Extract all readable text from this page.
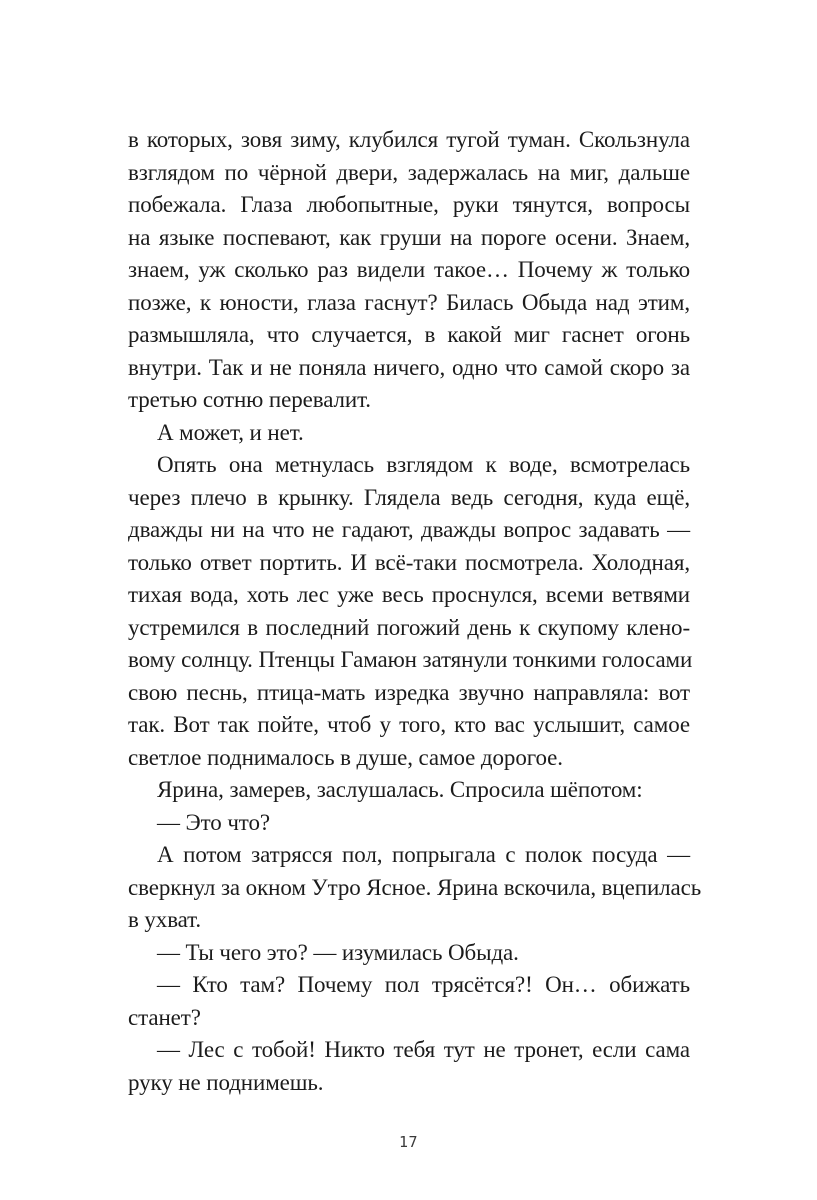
в которых, зовя зиму, клубился тугой туман. Скользнула
взглядом по чёрной двери, задержалась на миг, дальше
побежала. Глаза любопытные, руки тянутся, вопросы
на языке поспевают, как груши на пороге осени. Знаем,
знаем, уж сколько раз видели такое… Почему ж только
позже, к юности, глаза гаснут? Билась Обыда над этим,
размышляла, что случается, в какой миг гаснет огонь
внутри. Так и не поняла ничего, одно что самой скоро за
третью сотню перевалит.
А может, и нет.
Опять она метнулась взглядом к воде, всмотрелась
через плечо в крынку. Глядела ведь сегодня, куда ещё,
дважды ни на что не гадают, дважды вопрос задавать —
только ответ портить. И всё-таки посмотрела. Холодная,
тихая вода, хоть лес уже весь проснулся, всеми ветвями
устремился в последний погожий день к скупому клено-
вому солнцу. Птенцы Гамаюн затянули тонкими голосами
свою песнь, птица-мать изредка звучно направляла: вот
так. Вот так пойте, чтоб у того, кто вас услышит, самое
светлое поднималось в душе, самое дорогое.
Ярина, замерев, заслушалась. Спросила шёпотом:
— Это что?
А потом затрясся пол, попрыгала с полок посуда —
сверкнул за окном Утро Ясное. Ярина вскочила, вцепилась
в ухват.
— Ты чего это? — изумилась Обыда.
— Кто там? Почему пол трясётся?! Он… обижать
станет?
— Лес с тобой! Никто тебя тут не тронет, если сама
руку не поднимешь.
17
